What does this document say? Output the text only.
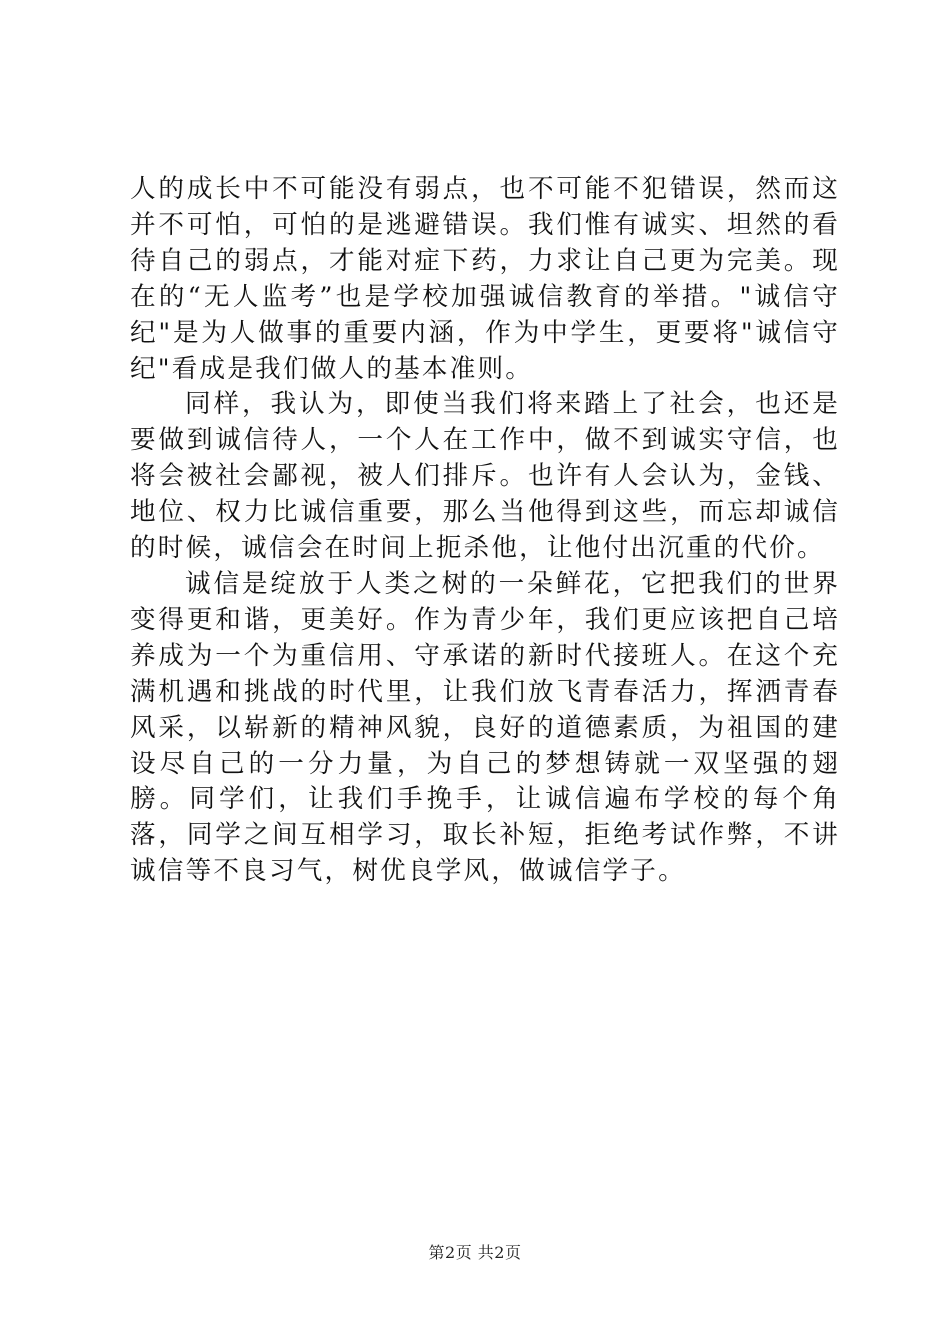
人的成长中不可能没有弱点，也不可能不犯错误，然而这并不可怕，可怕的是逃避错误。我们惟有诚实、坦然的看待自己的弱点，才能对症下药，力求让自己更为完美。现在的“无人监考”也是学校加强诚信教育的举措。"诚信守纪"是为人做事的重要内涵，作为中学生，更要将"诚信守纪"看成是我们做人的基本准则。

同样，我认为，即使当我们将来踏上了社会，也还是要做到诚信待人，一个人在工作中，做不到诚实守信，也将会被社会鄙视，被人们排斥。也许有人会认为，金钱、地位、权力比诚信重要，那么当他得到这些，而忘却诚信的时候，诚信会在时间上扼杀他，让他付出沉重的代价。

诚信是绽放于人类之树的一朵鲜花，它把我们的世界变得更和谐，更美好。作为青少年，我们更应该把自己培养成为一个为重信用、守承诺的新时代接班人。在这个充满机遇和挑战的时代里，让我们放飞青春活力，挥洒青春风采，以崭新的精神风貌，良好的道德素质，为祖国的建设尽自己的一分力量，为自己的梦想铸就一双坚强的翅膀。同学们，让我们手挽手，让诚信遍布学校的每个角落，同学之间互相学习，取长补短，拒绝考试作弊，不讲诚信等不良习气，树优良学风，做诚信学子。

第2页 共2页
